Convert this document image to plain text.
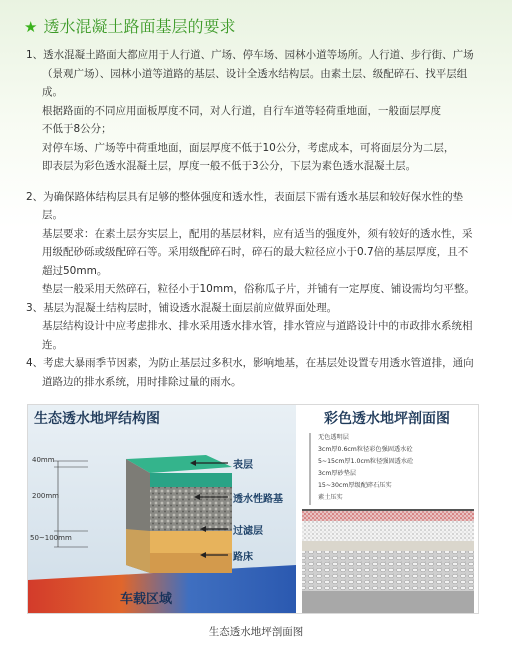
★ 透水混凝土路面基层的要求

1、透水混凝土路面大都应用于人行道、广场、停车场、园林小道等场所。人行道、步行街、广场

（景观广场）、园林小道等道路的基层、设计全透水结构层。由素土层、级配碎石、找平层组

成。

根据路面的不同应用面板厚度不同，对人行道，自行车道等轻荷重地面，一般面层厚度

不低于8公分；

对停车场、广场等中荷重地面，面层厚度不低于10公分，考虑成本，可将面层分为二层，

即表层为彩色透水混凝土层，厚度一般不低于3公分，下层为素色透水混凝土层。

2、为确保路体结构层具有足够的整体强度和透水性，表面层下需有透水基层和较好保水性的垫

层。

基层要求：在素土层夯实层上，配用的基层材料，应有适当的强度外，须有较好的透水性，采

用级配砂砾或级配碎石等。采用级配碎石时，碎石的最大粒径应小于0.7倍的基层厚度，且不

超过50mm。

垫层一般采用天然碎石，粒径小于10mm，俗称瓜子片，并铺有一定厚度、铺设需均匀平整。

3、基层为混凝土结构层时，铺设透水混凝土面层前应做界面处理。

基层结构设计中应考虑排水、排水采用透水排水管，排水管应与道路设计中的市政排水系统相

连。

4、考虑大暴雨季节因素，为防止基层过多积水，影响地基，在基层处设置专用透水管道排，通向

道路边的排水系统，用时排除过量的雨水。

生态透水地坪结构图	彩色透水地坪剖面图
40mm
200mm
50~100mm
表层
透水性路基
过滤层
路床
车载区域
无色透明层
3cm厚0.6cm粒径彩色强固透水砼
5~15cm厚1.0cm粒径强固透水砼
3cm厚砂垫层
15~30cm厚级配碎石压实
素土压实
生态透水地坪剖面图
